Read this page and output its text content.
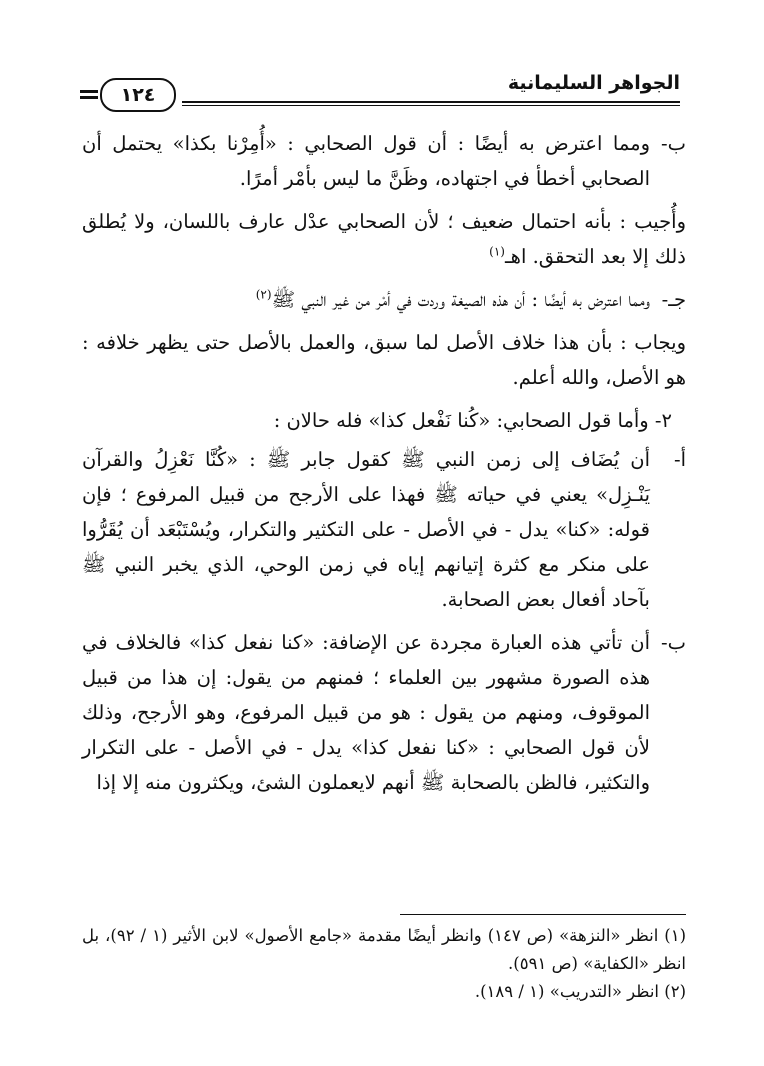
الجواهر السليمانية
١٢٤
ب-
ومما اعترض به أيضًا : أن قول الصحابي : «أُمِرْنا بكذا» يحتمل أن الصحابي أخطأ في اجتهاده، وظَنَّ ما ليس بأمْر أمرًا.

وأُجيب : بأنه احتمال ضعيف ؛ لأن الصحابي عدْل عارف باللسان، ولا يُطلق ذلك إلا بعد التحقق. اهـ$^{(١)}$

جـ-
ومما اعترض به أيضًا : أن هذه الصيغة وردت في أمْر من غير النبي ﷺ$^{(٢)}$

ويجاب : بأن هذا خلاف الأصل لما سبق، والعمل بالأصل حتى يظهر خلافه : هو الأصل، والله أعلم.

٢- وأما قول الصحابي: «كُنا نَفْعل كذا» فله حالان :

أ-
أن يُضَاف إلى زمن النبي ﷺ كقول جابر ﷺ : «كُنَّا نَعْزِلُ والقرآن يَنْـزِل» يعني في حياته ﷺ فهذا على الأرجح من قبيل المرفوع ؛ فإن قوله: «كنا» يدل - في الأصل - على التكثير والتكرار، ويُسْتَبْعَد أن يُقَرُّوا على منكر مع كثرة إتيانهم إياه في زمن الوحي، الذي يخبر النبي ﷺ بآحاد أفعال بعض الصحابة.
ب-
أن تأتي هذه العبارة مجردة عن الإضافة: «كنا نفعل كذا» فالخلاف في هذه الصورة مشهور بين العلماء ؛ فمنهم من يقول: إن هذا من قبيل الموقوف، ومنهم من يقول : هو من قبيل المرفوع، وهو الأرجح، وذلك لأن قول الصحابي : «كنا نفعل كذا» يدل - في الأصل - على التكرار والتكثير، فالظن بالصحابة ﷺ أنهم لايعملون الشئ، ويكثرون منه إلا إذا

(١) انظر «النزهة» (ص ١٤٧) وانظر أيضًا مقدمة «جامع الأصول» لابن الأثير (١ / ٩٢)، بل انظر «الكفاية» (ص ٥٩١).

(٢) انظر «التدريب» (١ / ١٨٩).
